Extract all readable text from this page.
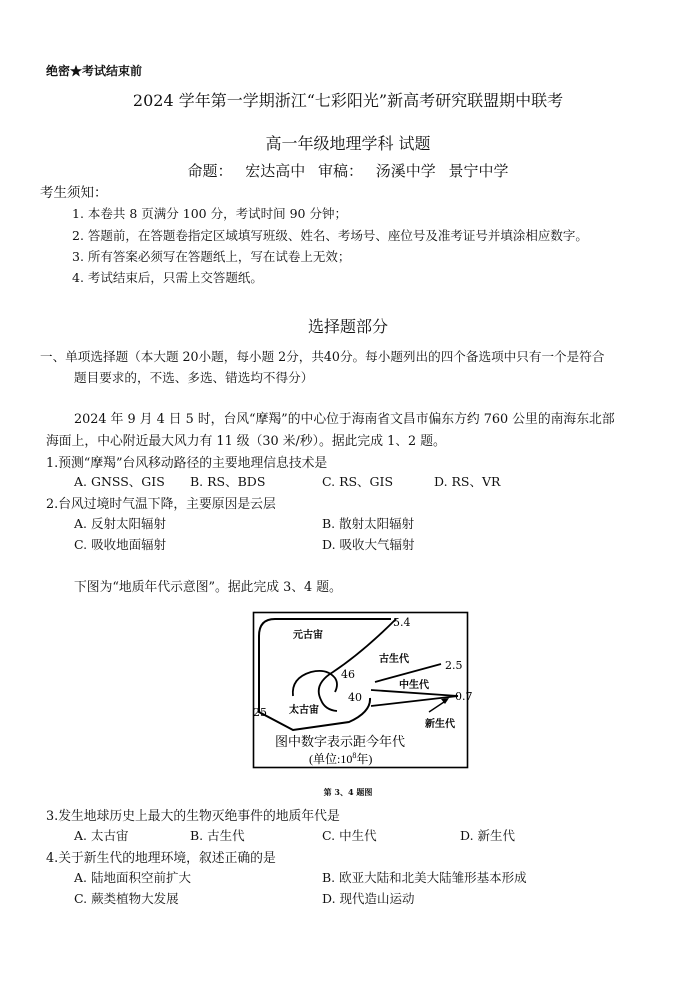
绝密★考试结束前
2024 学年第一学期浙江“七彩阳光”新高考研究联盟期中联考
高一年级地理学科 试题
命题： 宏达高中 审稿： 汤溪中学 景宁中学
考生须知：
1. 本卷共 8 页满分 100 分，考试时间 90 分钟；
2. 答题前，在答题卷指定区域填写班级、姓名、考场号、座位号及准考证号并填涂相应数字。
3. 所有答案必须写在答题纸上，写在试卷上无效；
4. 考试结束后，只需上交答题纸。
选择题部分
一、单项选择题（本大题 20小题，每小题 2分，共40分。每小题列出的四个备选项中只有一个是符合
题目要求的，不选、多选、错选均不得分）
2024 年 9 月 4 日 5 时，台风“摩羯”的中心位于海南省文昌市偏东方约 760 公里的南海东北部
海面上，中心附近最大风力有 11 级（30 米/秒）。据此完成 1、2 题。
1.预测“摩羯”台风移动路径的主要地理信息技术是
A. GNSS、GIS B. RS、BDS	C. RS、GIS	D. RS、VR
2.台风过境时气温下降，主要原因是云层
A. 反射太阳辐射	B. 散射太阳辐射
C. 吸收地面辐射	D. 吸收大气辐射
下图为“地质年代示意图”。据此完成 3、4 题。
元古宙
太古宙
古生代
中生代
新生代
5.4
2.5
0.7
46
40
25
图中数字表示距今年代
(单位$:10^8$年)
第 3、4 题图
3.发生地球历史上最大的生物灭绝事件的地质年代是
A. 太古宙	B. 古生代	C. 中生代	D. 新生代
4.关于新生代的地理环境，叙述正确的是
A. 陆地面积空前扩大	B. 欧亚大陆和北美大陆雏形基本形成
C. 蕨类植物大发展	D. 现代造山运动
